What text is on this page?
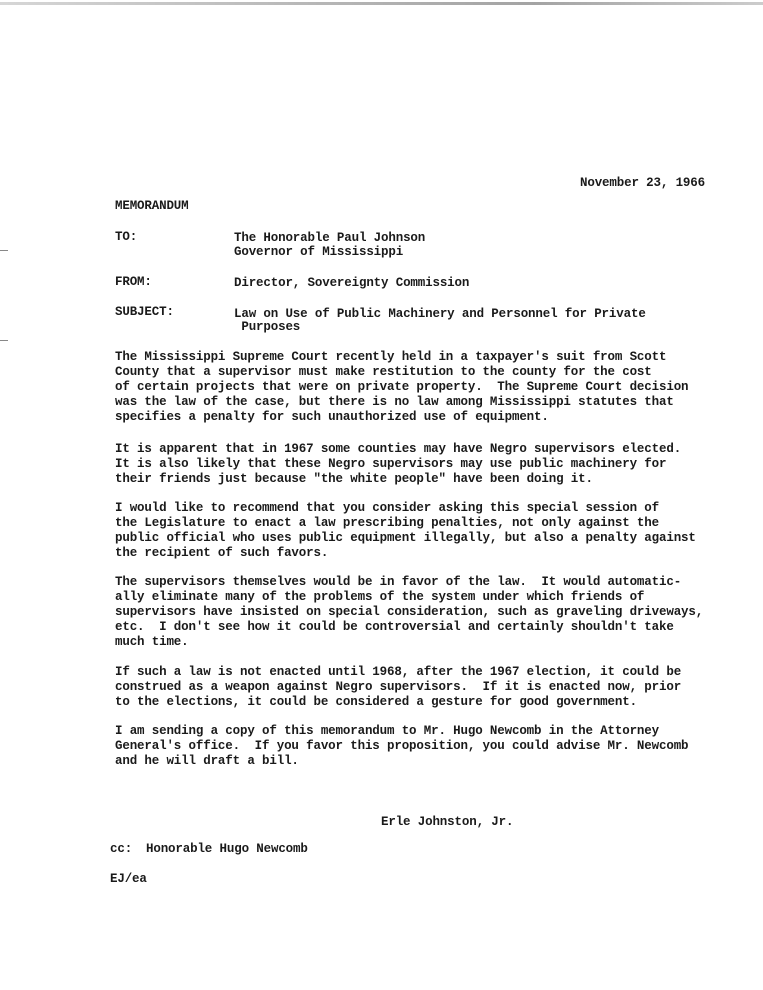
November 23, 1966
MEMORANDUM
TO:	The Honorable Paul Johnson
Governor of Mississippi
FROM:	Director, Sovereignty Commission
SUBJECT:	Law on Use of Public Machinery and Personnel for Private
Purposes
The Mississippi Supreme Court recently held in a taxpayer's suit from Scott
County that a supervisor must make restitution to the county for the cost
of certain projects that were on private property.  The Supreme Court decision
was the law of the case, but there is no law among Mississippi statutes that
specifies a penalty for such unauthorized use of equipment.
It is apparent that in 1967 some counties may have Negro supervisors elected.
It is also likely that these Negro supervisors may use public machinery for
their friends just because "the white people" have been doing it.
I would like to recommend that you consider asking this special session of
the Legislature to enact a law prescribing penalties, not only against the
public official who uses public equipment illegally, but also a penalty against
the recipient of such favors.
The supervisors themselves would be in favor of the law.  It would automatic-
ally eliminate many of the problems of the system under which friends of
supervisors have insisted on special consideration, such as graveling driveways,
etc.  I don't see how it could be controversial and certainly shouldn't take
much time.
If such a law is not enacted until 1968, after the 1967 election, it could be
construed as a weapon against Negro supervisors.  If it is enacted now, prior
to the elections, it could be considered a gesture for good government.
I am sending a copy of this memorandum to Mr. Hugo Newcomb in the Attorney
General's office.  If you favor this proposition, you could advise Mr. Newcomb
and he will draft a bill.
Erle Johnston, Jr.
cc: Honorable Hugo Newcomb
EJ/ea
